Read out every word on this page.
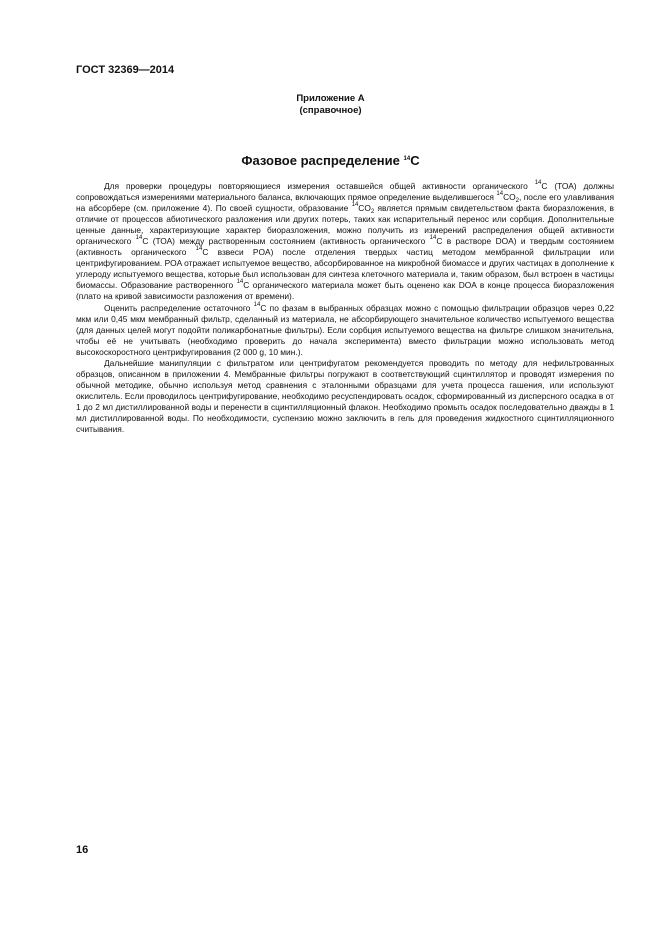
ГОСТ 32369—2014
Приложение А
(справочное)
Фазовое распределение $^{14}$C

Для проверки процедуры повторяющиеся измерения оставшейся общей активности органического $^{14}$С (ТОА) должны сопровождаться измерениями материального баланса, включающих прямое определение выделившегося $^{14}CO_2$, после его улавливания на абсорбере (см. приложение 4). По своей сущности, образование $^{14}CO_2$ является прямым свидетельством факта биоразложения, в отличие от процессов абиотического разложения или других потерь, таких как испарительный перенос или сорбция. Дополнительные ценные данные, характеризующие характер биоразложения, можно получить из измерений распределения общей активности органического $^{14}$С (ТОА) между растворенным состоянием (активность органического $^{14}$С в растворе DOA) и твердым состоянием (активность органического $^{14}$С взвеси POA) после отделения твердых частиц методом мембранной фильтрации или центрифугированием. POA отражает испытуемое вещество, абсорбированное на микробной биомассе и других частицах в дополнение к углероду испытуемого вещества, которые был использован для синтеза клеточного материала и, таким образом, был встроен в частицы биомассы. Образование растворенного $^{14}$С органического материала может быть оценено как DOA в конце процесса биоразложения (плато на кривой зависимости разложения от времени).

Оценить распределение остаточного $^{14}$С по фазам в выбранных образцах можно с помощью фильтрации образцов через 0,22 мкм или 0,45 мкм мембранный фильтр, сделанный из материала, не абсорбирующего значительное количество испытуемого вещества (для данных целей могут подойти поликарбонатные фильтры). Если сорбция испытуемого вещества на фильтре слишком значительна, чтобы её не учитывать (необходимо проверить до начала эксперимента) вместо фильтрации можно использовать метод высокоскоростного центрифугирования (2 000 g, 10 мин.).

Дальнейшие манипуляции с фильтратом или центрифугатом рекомендуется проводить по методу для нефильтрованных образцов, описанном в приложении 4. Мембранные фильтры погружают в соответствующий сцинтиллятор и проводят измерения по обычной методике, обычно используя метод сравнения с эталонными образцами для учета процесса гашения, или используют окислитель. Если проводилось центрифугирование, необходимо ресуспендировать осадок, сформированный из дисперсного осадка в от 1 до 2 мл дистиллированной воды и перенести в сцинтилляционный флакон. Необходимо промыть осадок последовательно дважды в 1 мл дистиллированной воды. По необходимости, суспензию можно заключить в гель для проведения жидкостного сцинтилляционного считывания.

16
